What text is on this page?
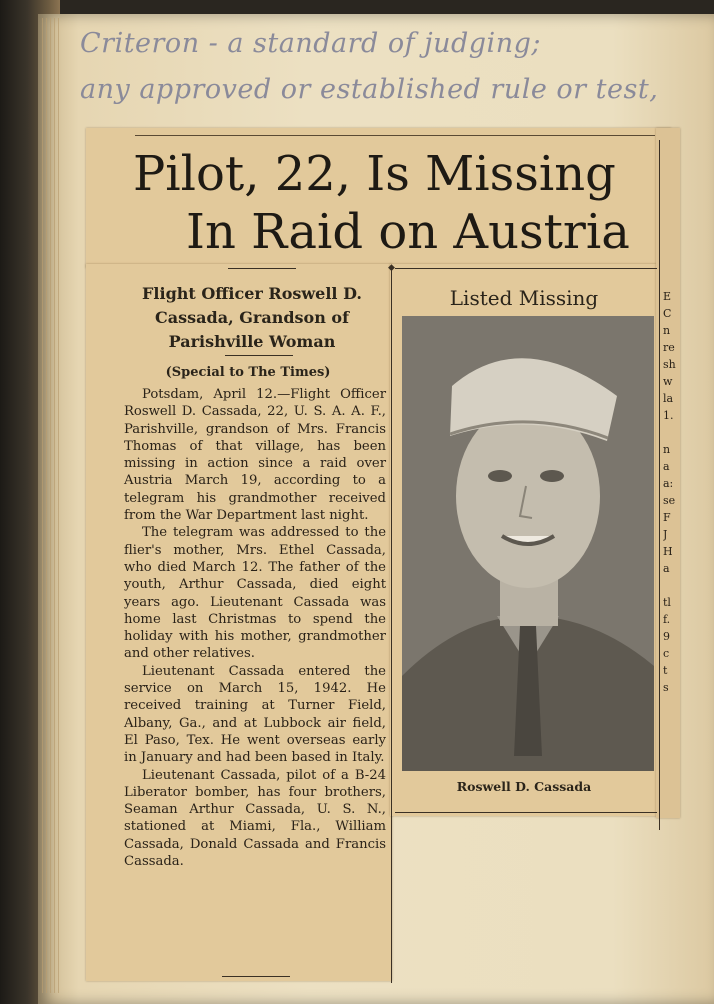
Criteron - a standard of judging;
any approved or established rule or test,
Pilot, 22, Is Missing
In Raid on Austria
Flight Officer Roswell D.
Cassada, Grandson of
Parishville Woman
(Special to The Times)

Potsdam, April 12.—Flight Officer Roswell D. Cassada, 22, U. S. A. A. F., Parishville, grandson of Mrs. Francis Thomas of that village, has been missing in action since a raid over Austria March 19, according to a telegram his grandmother received from the War Department last night.

The telegram was addressed to the flier's mother, Mrs. Ethel Cassada, who died March 12. The father of the youth, Arthur Cassada, died eight years ago. Lieutenant Cassada was home last Christmas to spend the holiday with his mother, grandmother and other relatives.

Lieutenant Cassada entered the service on March 15, 1942. He received training at Turner Field, Albany, Ga., and at Lubbock air field, El Paso, Tex. He went overseas early in January and had been based in Italy.

Lieutenant Cassada, pilot of a B-24 Liberator bomber, has four brothers, Seaman Arthur Cassada, U. S. N., stationed at Miami, Fla., William Cassada, Donald Cassada and Francis Cassada.

◆
Listed Missing
Roswell D. Cassada
E
C
n
re
sh
w
la
1.
n
a
a:
se
F
J
H
a
tl
f.
9
c
t
s
